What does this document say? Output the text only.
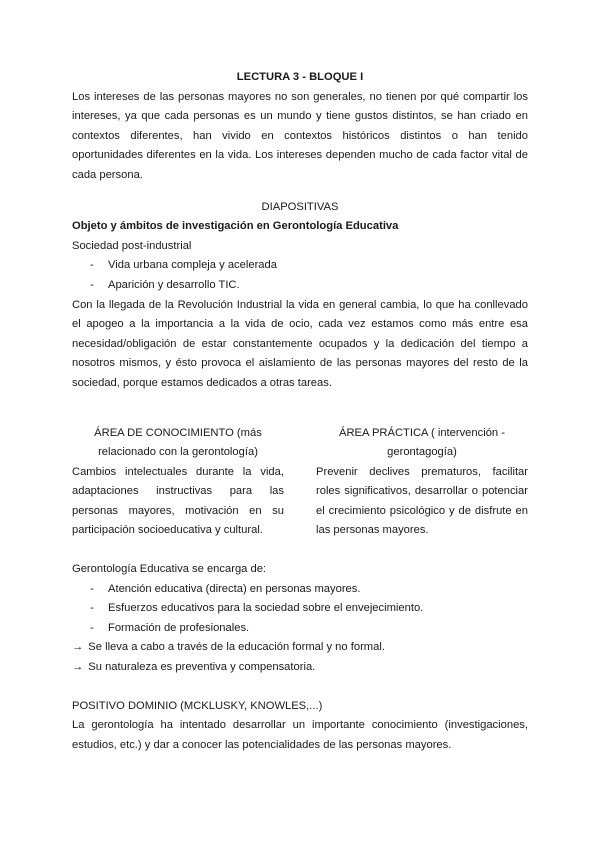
LECTURA 3 - BLOQUE I

Los intereses de las personas mayores no son generales, no tienen por qué compartir los intereses, ya que cada personas es un mundo y tiene gustos distintos, se han criado en contextos diferentes, han vivido en contextos históricos distintos o han tenido oportunidades diferentes en la vida. Los intereses dependen mucho de cada factor vital de cada persona.

DIAPOSITIVAS

Objeto y ámbitos de investigación en Gerontología Educativa

Sociedad post-industrial

- Vida urbana compleja y acelerada
- Aparición y desarrollo TIC.

Con la llegada de la Revolución Industrial la vida en general cambia, lo que ha conllevado el apogeo a la importancia a la vida de ocio, cada vez estamos como más entre esa necesidad/obligación de estar constantemente ocupados y la dedicación del tiempo a nosotros mismos, y ésto provoca el aislamiento de las personas mayores del resto de la sociedad, porque estamos dedicados a otras tareas.

ÁREA DE CONOCIMIENTO (más

relacionado con la gerontología)

Cambios intelectuales durante la vida, adaptaciones instructivas para las personas mayores, motivación en su participación socioeducativa y cultural.

ÁREA PRÁCTICA ( intervención -

gerontagogía)

Prevenir declives prematuros, facilitar roles significativos, desarrollar o potenciar el crecimiento psicológico y de disfrute en las personas mayores.

Gerontología Educativa se encarga de:

- Atención educativa (directa) en personas mayores.
- Esfuerzos educativos para la sociedad sobre el envejecimiento.
- Formación de profesionales.

→ Se lleva a cabo a través de la educación formal y no formal.

→ Su naturaleza es preventiva y compensatoria.

POSITIVO DOMINIO (MCKLUSKY, KNOWLES,...)

La gerontología ha intentado desarrollar un importante conocimiento (investigaciones, estudios, etc.) y dar a conocer las potencialidades de las personas mayores.
